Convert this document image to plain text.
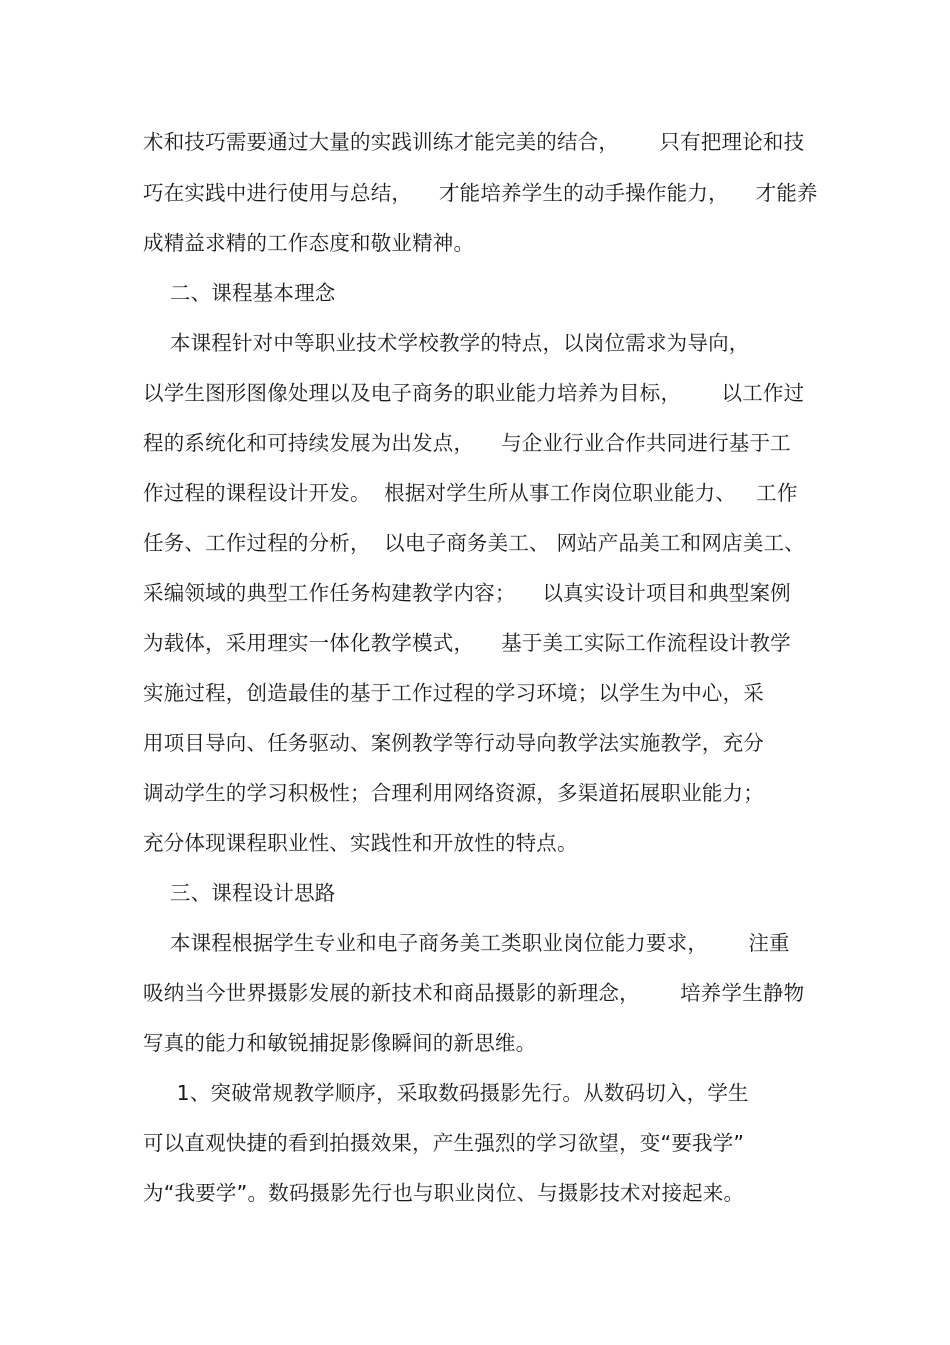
术和技巧需要通过大量的实践训练才能完美的结合，      只有把理论和技
巧在实践中进行使用与总结，    才能培养学生的动手操作能力，    才能养
成精益求精的工作态度和敬业精神。
二、课程基本理念
本课程针对中等职业技术学校教学的特点，以岗位需求为导向，
以学生图形图像处理以及电子商务的职业能力培养为目标，      以工作过
程的系统化和可持续发展为出发点，    与企业行业合作共同进行基于工
作过程的课程设计开发。  根据对学生所从事工作岗位职业能力、   工作
任务、工作过程的分析，  以电子商务美工、 网站产品美工和网店美工、
采编领域的典型工作任务构建教学内容；    以真实设计项目和典型案例
为载体，采用理实一体化教学模式，    基于美工实际工作流程设计教学
实施过程，创造最佳的基于工作过程的学习环境；以学生为中心，采
用项目导向、任务驱动、案例教学等行动导向教学法实施教学，充分
调动学生的学习积极性；合理利用网络资源，多渠道拓展职业能力；
充分体现课程职业性、实践性和开放性的特点。
三、课程设计思路
本课程根据学生专业和电子商务美工类职业岗位能力要求，      注重
吸纳当今世界摄影发展的新技术和商品摄影的新理念，      培养学生静物
写真的能力和敏锐捕捉影像瞬间的新思维。
1、突破常规教学顺序，采取数码摄影先行。从数码切入，学生
可以直观快捷的看到拍摄效果，产生强烈的学习欲望，变“要我学”
为“我要学”。数码摄影先行也与职业岗位、与摄影技术对接起来。
